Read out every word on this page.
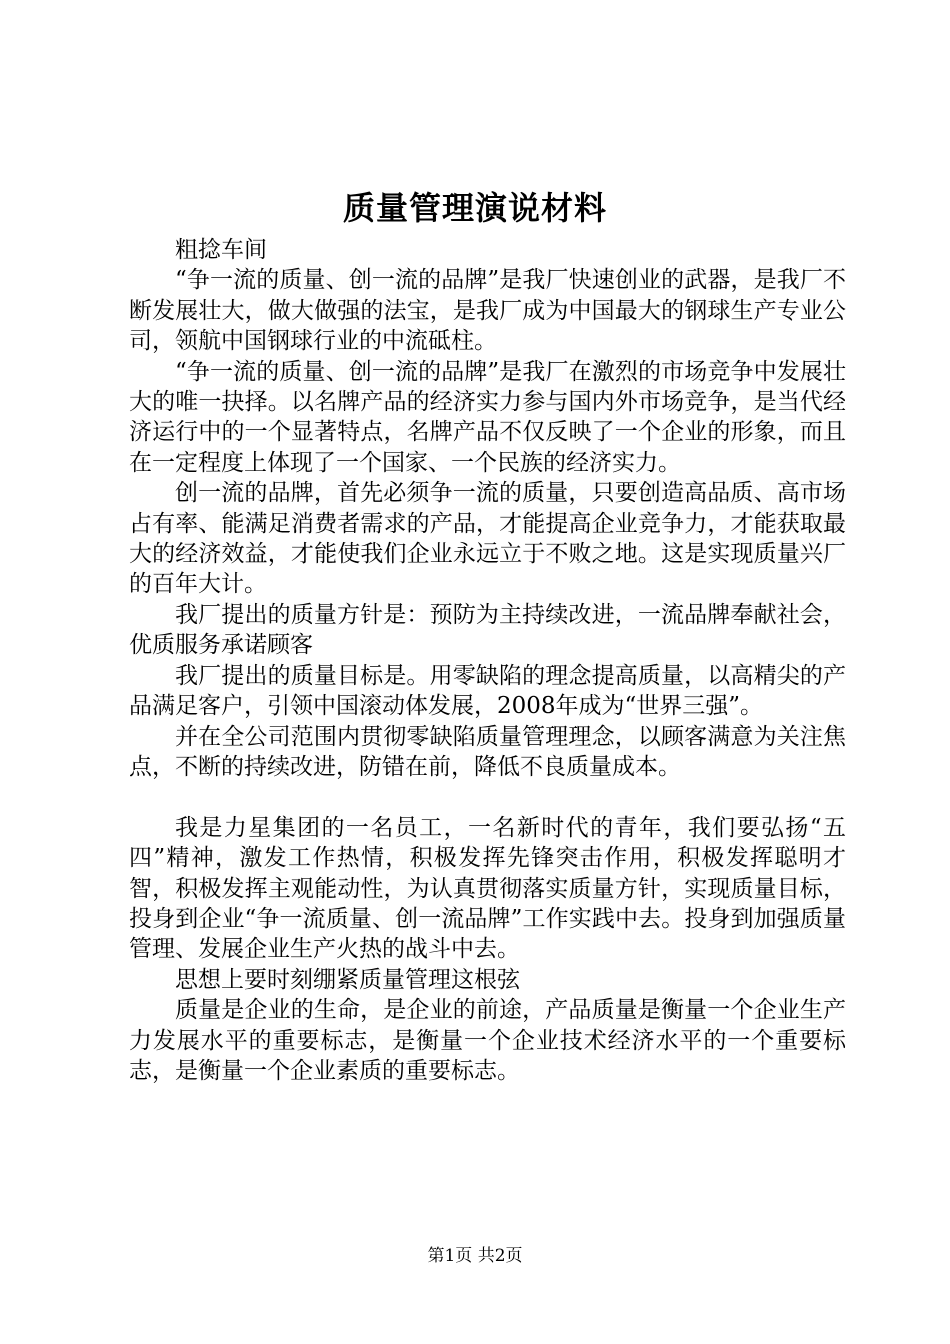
质量管理演说材料

粗捻车间

“争一流的质量、创一流的品牌”是我厂快速创业的武器，是我厂不断发展壮大，做大做强的法宝，是我厂成为中国最大的钢球生产专业公司，领航中国钢球行业的中流砥柱。

“争一流的质量、创一流的品牌”是我厂在激烈的市场竞争中发展壮大的唯一抉择。以名牌产品的经济实力参与国内外市场竞争，是当代经济运行中的一个显著特点，名牌产品不仅反映了一个企业的形象，而且在一定程度上体现了一个国家、一个民族的经济实力。

创一流的品牌，首先必须争一流的质量，只要创造高品质、高市场占有率、能满足消费者需求的产品，才能提高企业竞争力，才能获取最大的经济效益，才能使我们企业永远立于不败之地。这是实现质量兴厂的百年大计。

我厂提出的质量方针是：预防为主持续改进，一流品牌奉献社会，优质服务承诺顾客

我厂提出的质量目标是。用零缺陷的理念提高质量，以高精尖的产品满足客户，引领中国滚动体发展，2008年成为“世界三强”。

并在全公司范围内贯彻零缺陷质量管理理念，以顾客满意为关注焦点，不断的持续改进，防错在前，降低不良质量成本。

我是力星集团的一名员工，一名新时代的青年，我们要弘扬“五四”精神，激发工作热情，积极发挥先锋突击作用，积极发挥聪明才智，积极发挥主观能动性，为认真贯彻落实质量方针，实现质量目标，投身到企业“争一流质量、创一流品牌”工作实践中去。投身到加强质量管理、发展企业生产火热的战斗中去。

思想上要时刻绷紧质量管理这根弦

质量是企业的生命，是企业的前途，产品质量是衡量一个企业生产力发展水平的重要标志，是衡量一个企业技术经济水平的一个重要标志，是衡量一个企业素质的重要标志。

第1页 共2页
